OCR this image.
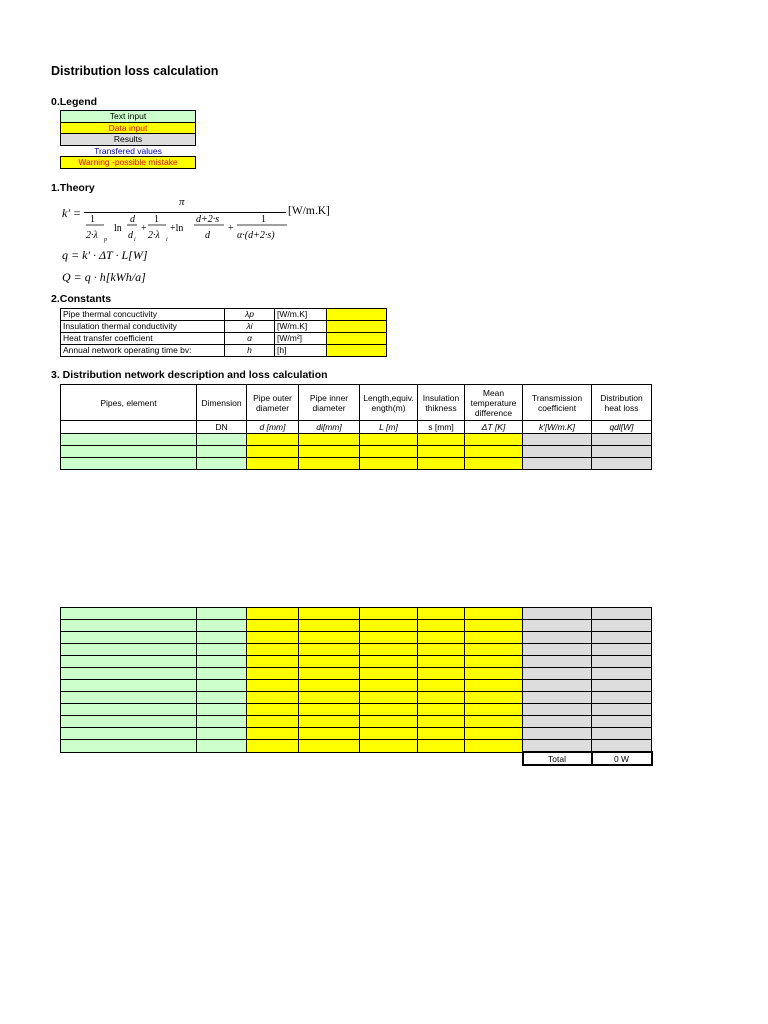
Distribution loss calculation
0.Legend
Text input
Data input
Results
Transfered values
Warning -possible mistake
1.Theory
k' =
π
[W/m.K]
1
2·λ p
ln
d
d i
+
1
2·λ i
+ln
d+2·s
d
+
1
α·(d+2·s)
q = k' · ΔT · L[W]
Q = q · h[kWh/a]
2.Constants
Pipe thermal concuctivity	λp	[W/m.K]	
Insulation thermal conductivity	λi	[W/m.K]	
Heat transfer coefficient	α	[W/m²]	
Annual network operating time bv:	h	[h]	
3. Distribution network description and loss calculation
Pipes, element	Dimension	Pipe outer diameter	Pipe inner diameter	Length,equiv. ength(m)	Insulation thikness	Mean temperature difference	Transmission coefficient	Distribution heat loss
	DN	d [mm]	di[mm]	L [m]	s [mm]	ΔT [K]	k'[W/m.K]	qdl[W]

							Total	0 W
